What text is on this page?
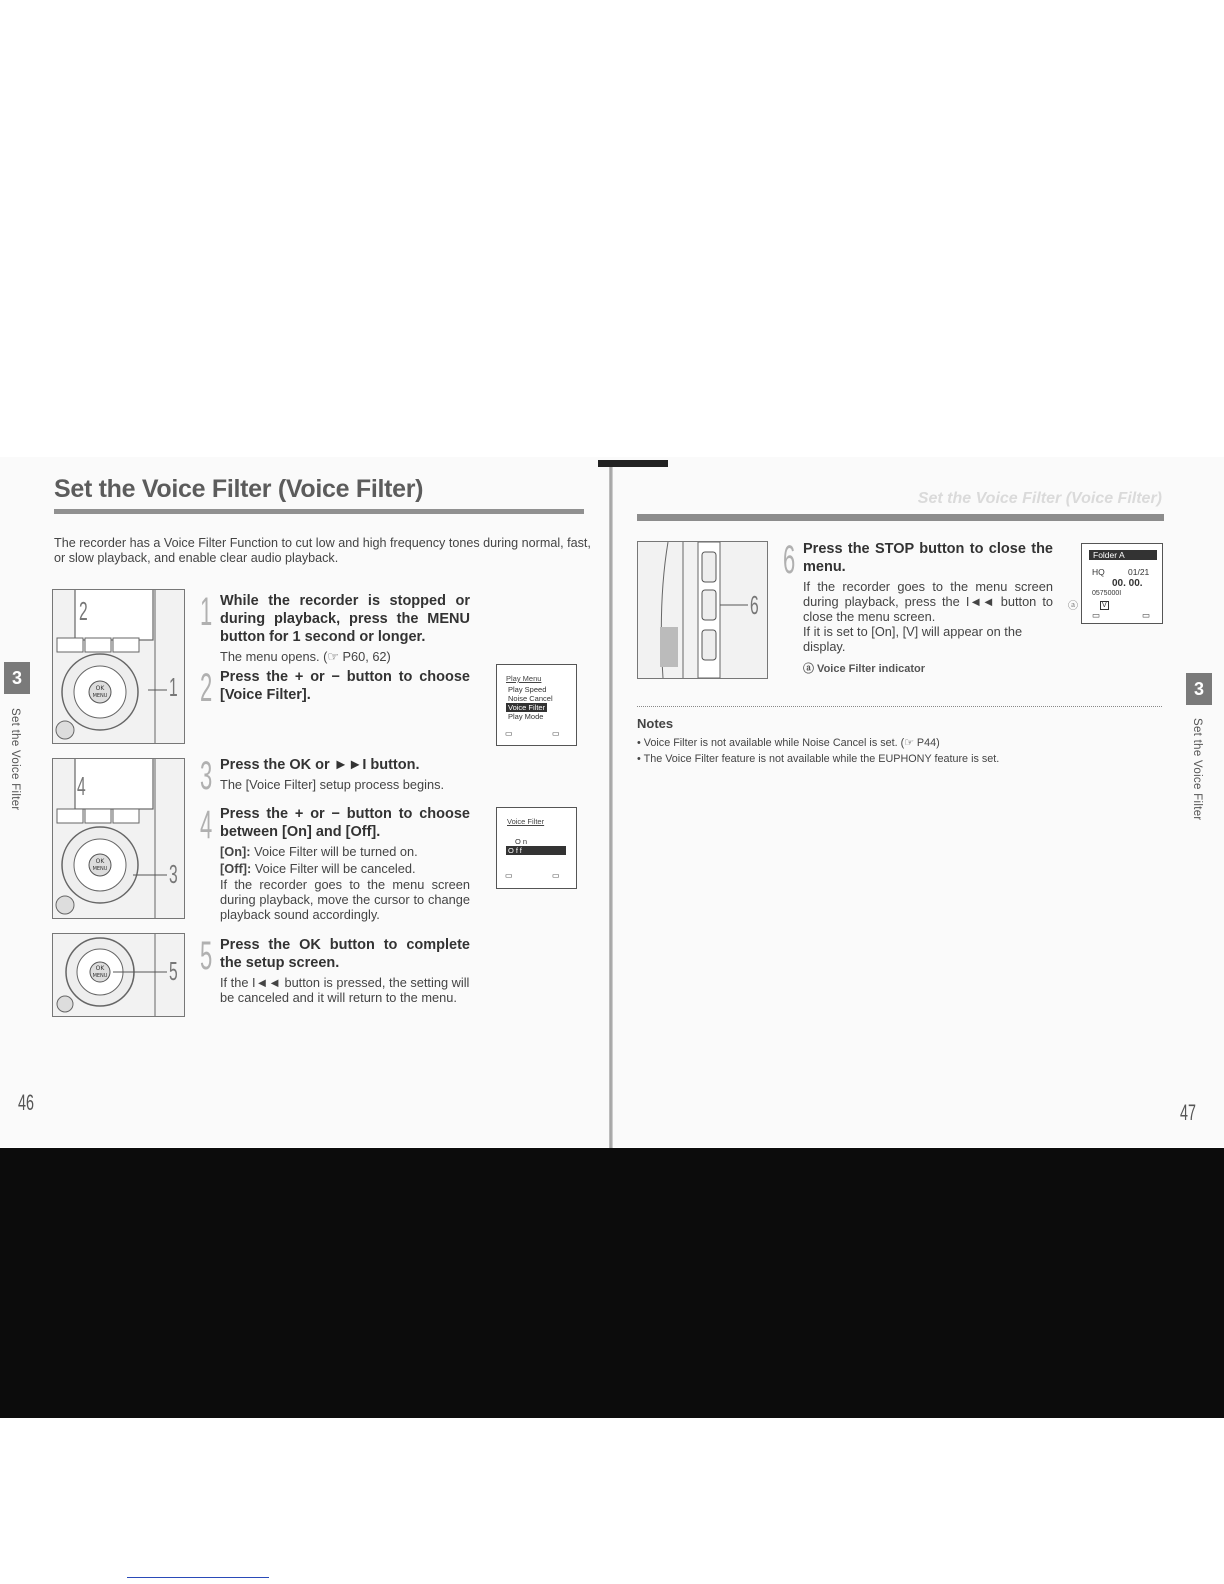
Set the Voice Filter (Voice Filter)

The recorder has a Voice Filter Function to cut low and high frequency tones during normal, fast, or slow playback, and enable clear audio playback.

OK
MENU
2
1
OK
MENU
4
3
OK
MENU 5
1 While the recorder is stopped or during playback, press the MENU button for 1 second or longer.

The menu opens. (☞ P60, 62)

2 Press the + or − button to choose [Voice Filter].

3 Press the OK or ►►I button.

The [Voice Filter] setup process begins.

4 Press the + or − button to choose between [On] and [Off].

[On]: Voice Filter will be turned on.

[Off]: Voice Filter will be canceled.

If the recorder goes to the menu screen during playback, move the cursor to change playback sound accordingly.

5 Press the OK button to complete the setup screen.

If the I◄◄ button is pressed, the setting will be canceled and it will return to the menu.

Play Menu
Play Speed
Noise Cancel
Voice Filter
Play Mode
▭	▭
Voice Filter
On
Off
▭	▭
3
Set the Voice Filter
46
Set the Voice Filter (Voice Filter)
6
6 Press the STOP button to close the menu.

If the recorder goes to the menu screen during playback, press the I◄◄ button to close the menu screen.

If it is set to [On], [V] will appear on the display.

ⓐ Voice Filter indicator

Folder A
HQ	01/21
00. 00.
0575000I
V
▭	▭
ⓐ
Notes
• Voice Filter is not available while Noise Cancel is set. (☞ P44)
• The Voice Filter feature is not available while the EUPHONY feature is set.
3
Set the Voice Filter
47
